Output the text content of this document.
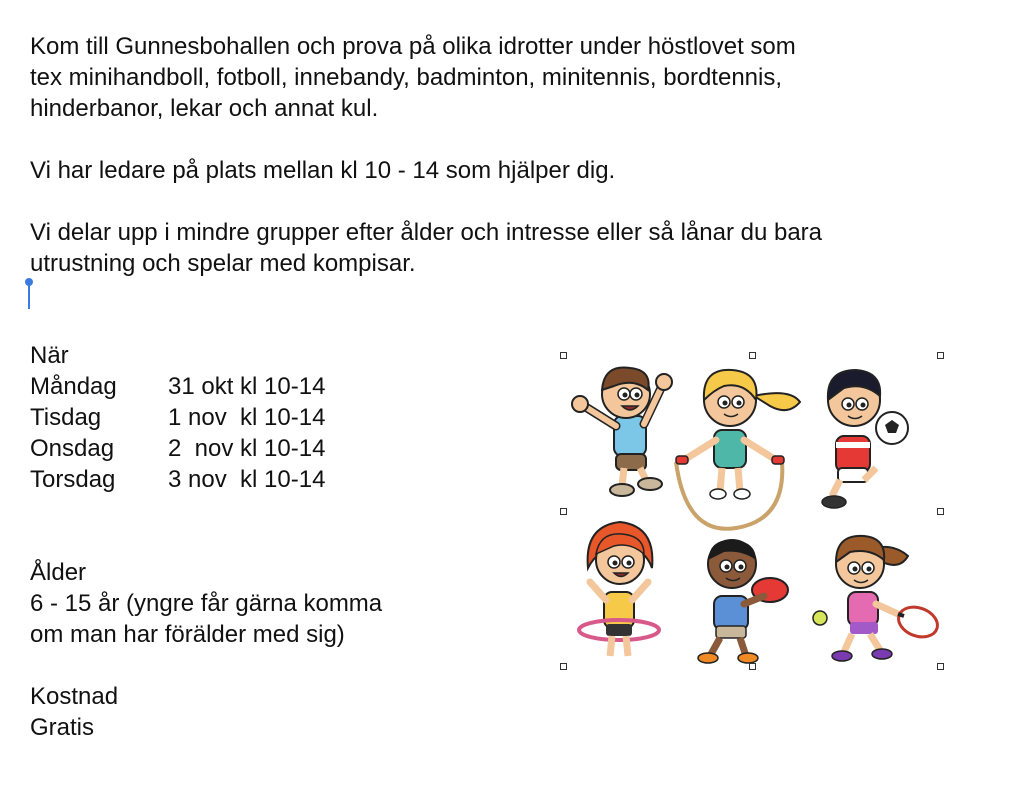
Kom till Gunnesbohallen och prova på olika idrotter under höstlovet som
tex minihandboll, fotboll, innebandy, badminton, minitennis, bordtennis,
hinderbanor, lekar och annat kul.
Vi har ledare på plats mellan kl 10 - 14 som hjälper dig.
Vi delar upp i mindre grupper efter ålder och intresse eller så lånar du bara
utrustning och spelar med kompisar.
När
Måndag 31 okt kl 10-14
Tisdag	1 nov  kl 10-14
Onsdag 2  nov kl 10-14
Torsdag 3 nov  kl 10-14
Ålder
6 - 15 år (yngre får gärna komma
om man har förälder med sig)
Kostnad
Gratis
